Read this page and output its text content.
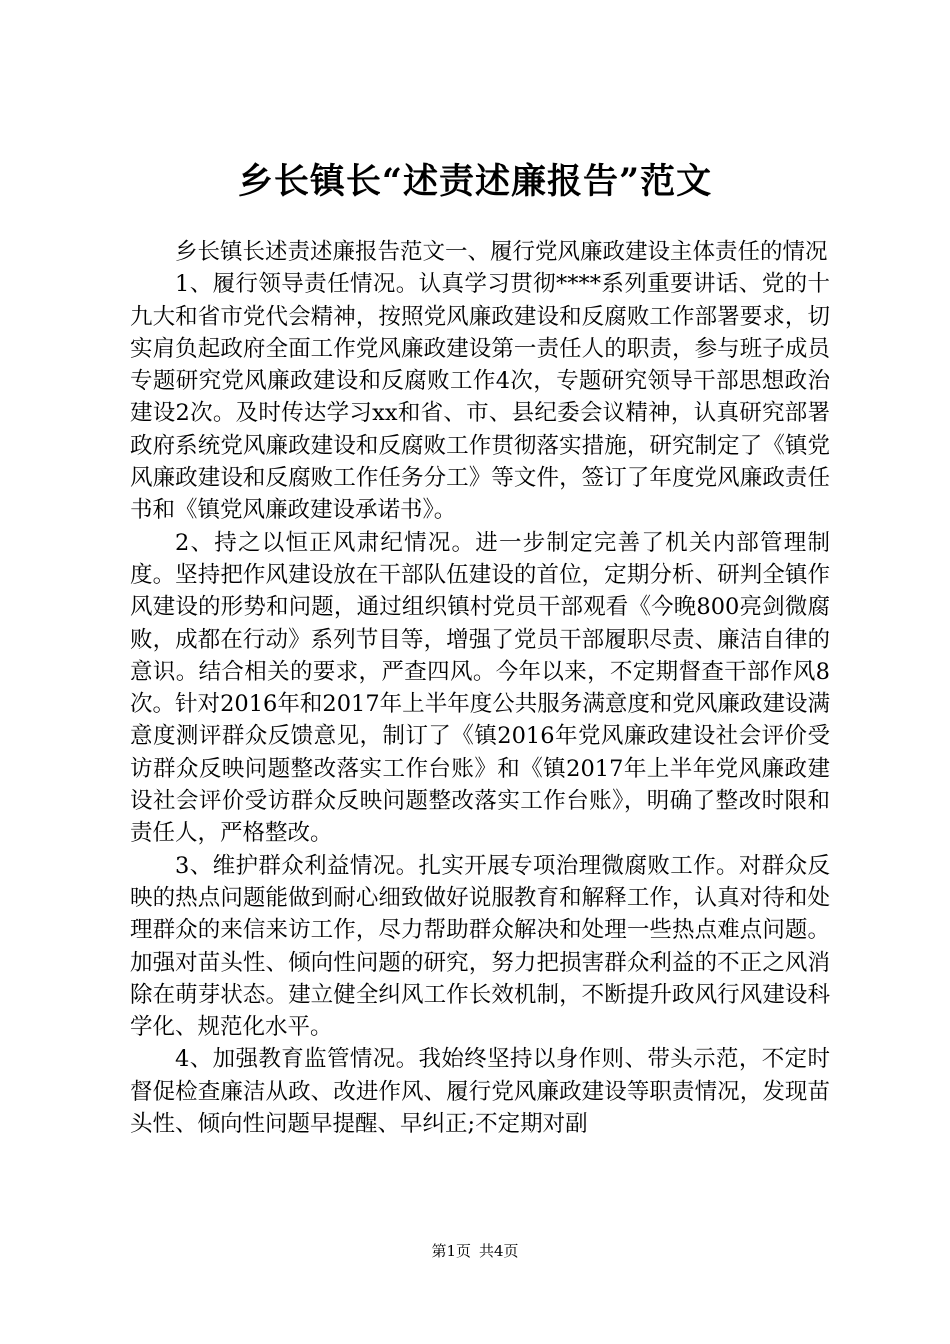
乡长镇长“述责述廉报告”范文

乡长镇长述责述廉报告范文一、履行党风廉政建设主体责任的情况

1、履行领导责任情况。认真学习贯彻****系列重要讲话、党的十九大和省市党代会精神，按照党风廉政建设和反腐败工作部署要求，切实肩负起政府全面工作党风廉政建设第一责任人的职责，参与班子成员专题研究党风廉政建设和反腐败工作4次，专题研究领导干部思想政治建设2次。及时传达学习xx和省、市、县纪委会议精神，认真研究部署政府系统党风廉政建设和反腐败工作贯彻落实措施，研究制定了《镇党风廉政建设和反腐败工作任务分工》等文件，签订了年度党风廉政责任书和《镇党风廉政建设承诺书》。

2、持之以恒正风肃纪情况。进一步制定完善了机关内部管理制度。坚持把作风建设放在干部队伍建设的首位，定期分析、研判全镇作风建设的形势和问题，通过组织镇村党员干部观看《今晚800亮剑微腐败，成都在行动》系列节目等，增强了党员干部履职尽责、廉洁自律的意识。结合相关的要求，严查四风。今年以来，不定期督查干部作风8次。针对2016年和2017年上半年度公共服务满意度和党风廉政建设满意度测评群众反馈意见，制订了《镇2016年党风廉政建设社会评价受访群众反映问题整改落实工作台账》和《镇2017年上半年党风廉政建设社会评价受访群众反映问题整改落实工作台账》，明确了整改时限和责任人，严格整改。

3、维护群众利益情况。扎实开展专项治理微腐败工作。对群众反映的热点问题能做到耐心细致做好说服教育和解释工作，认真对待和处理群众的来信来访工作，尽力帮助群众解决和处理一些热点难点问题。加强对苗头性、倾向性问题的研究，努力把损害群众利益的不正之风消除在萌芽状态。建立健全纠风工作长效机制，不断提升政风行风建设科学化、规范化水平。

4、加强教育监管情况。我始终坚持以身作则、带头示范，不定时督促检查廉洁从政、改进作风、履行党风廉政建设等职责情况，发现苗头性、倾向性问题早提醒、早纠正;不定期对副

第1页 共4页
